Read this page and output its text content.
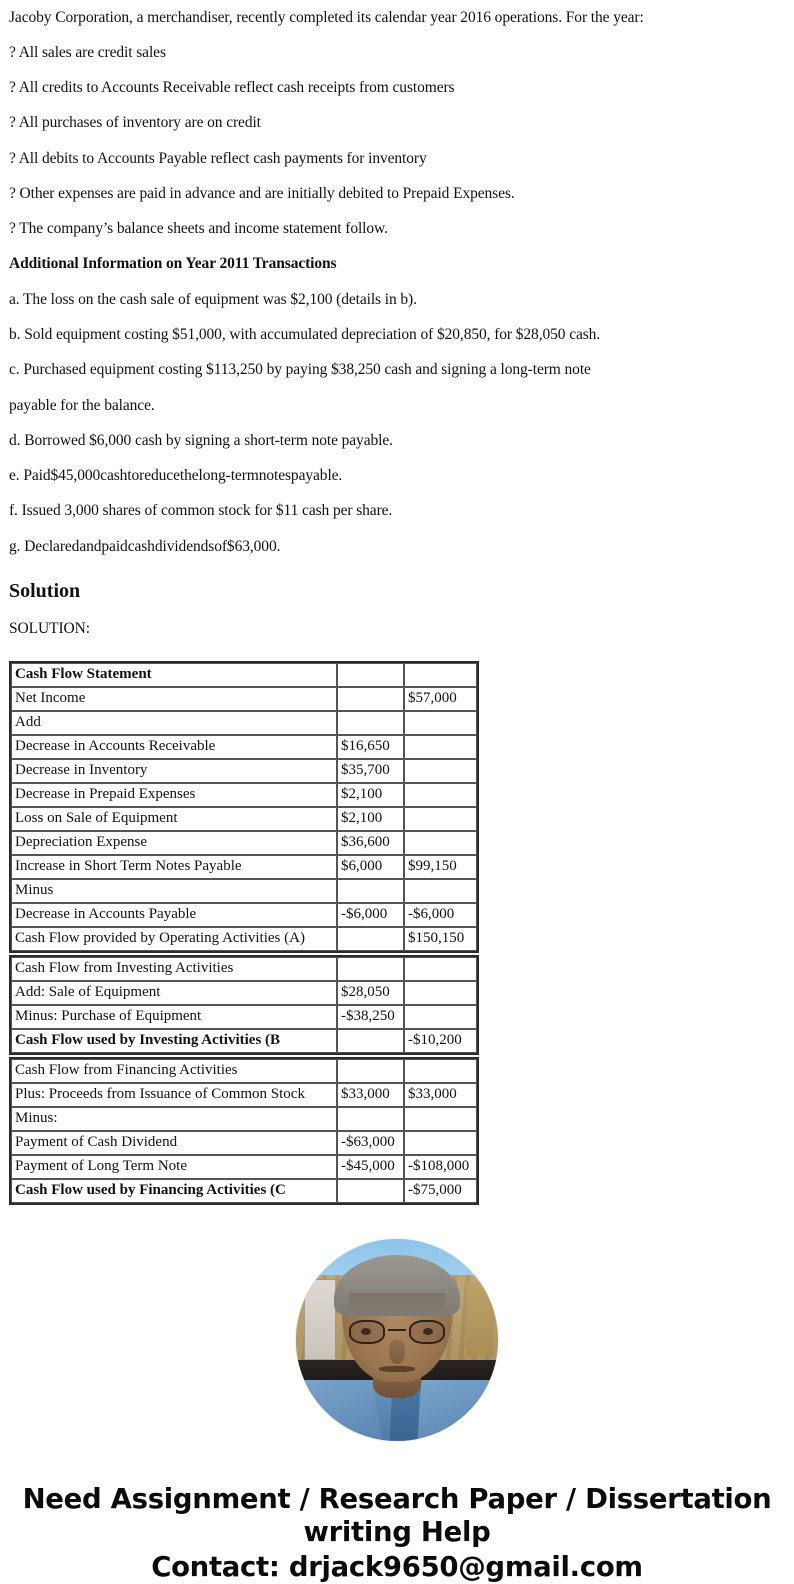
Jacoby Corporation, a merchandiser, recently completed its calendar year 2016 operations. For the year:

? All sales are credit sales

? All credits to Accounts Receivable reflect cash receipts from customers

? All purchases of inventory are on credit

? All debits to Accounts Payable reflect cash payments for inventory

? Other expenses are paid in advance and are initially debited to Prepaid Expenses.

? The company’s balance sheets and income statement follow.

Additional Information on Year 2011 Transactions

a. The loss on the cash sale of equipment was $2,100 (details in b).

b. Sold equipment costing $51,000, with accumulated depreciation of $20,850, for $28,050 cash.

c. Purchased equipment costing $113,250 by paying $38,250 cash and signing a long-term note

payable for the balance.

d. Borrowed $6,000 cash by signing a short-term note payable.

e. Paid$45,000cashtoreducethelong-termnotespayable.

f. Issued 3,000 shares of common stock for $11 cash per share.

g. Declaredandpaidcashdividendsof$63,000.

Solution

SOLUTION:

Cash Flow Statement		
Net Income		$57,000
Add		
Decrease in Accounts Receivable	$16,650	
Decrease in Inventory	$35,700	
Decrease in Prepaid Expenses	$2,100	
Loss on Sale of Equipment	$2,100	
Depreciation Expense	$36,600	
Increase in Short Term Notes Payable	$6,000	$99,150
Minus		
Decrease in Accounts Payable	-$6,000	-$6,000
Cash Flow provided by Operating Activities (A)		$150,150
Cash Flow from Investing Activities		
Add: Sale of Equipment	$28,050	
Minus: Purchase of Equipment	-$38,250	
Cash Flow used by Investing Activities (B		-$10,200
Cash Flow from Financing Activities		
Plus: Proceeds from Issuance of Common Stock	$33,000	$33,000
Minus:		
Payment of Cash Dividend	-$63,000	
Payment of Long Term Note	-$45,000	-$108,000
Cash Flow used by Financing Activities (C		-$75,000
Need Assignment / Research Paper / Dissertation
writing Help
Contact: drjack9650@gmail.com
